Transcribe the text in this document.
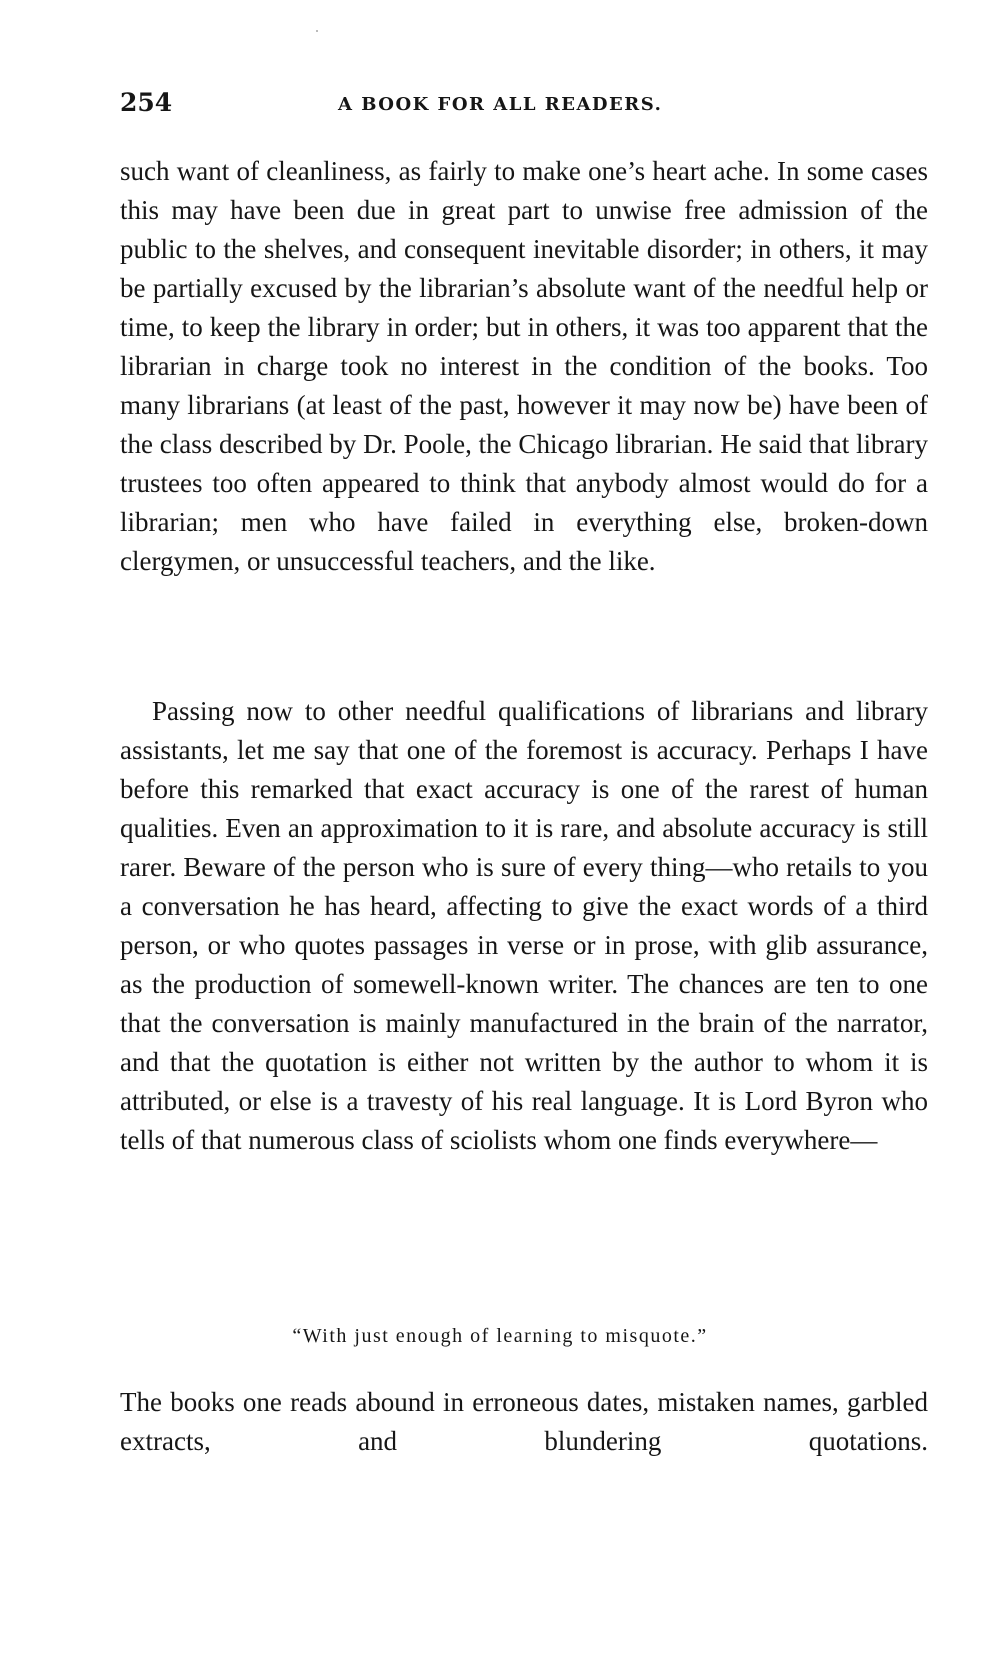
254	A BOOK FOR ALL READERS.

such want of cleanliness, as fairly to make one’s heart ache. In some cases this may have been due in great part to unwise free admission of the public to the shelves, and consequent inevitable disorder; in others, it may be partially excused by the librarian’s absolute want of the needful help or time, to keep the library in order; but in others, it was too apparent that the librarian in charge took no interest in the condition of the books. Too many librarians (at least of the past, however it may now be) have been of the class described by Dr. Poole, the Chicago librarian. He said that library trustees too often appeared to think that anybody almost would do for a librarian; men who have failed in everything else, broken-down clergymen, or unsuccessful teachers, and the like.

Passing now to other needful qualifications of librarians and library assistants, let me say that one of the foremost is accuracy. Perhaps I have before this remarked that exact accuracy is one of the rarest of human qualities. Even an approximation to it is rare, and absolute accuracy is still rarer. Beware of the person who is sure of every thing—who retails to you a conversation he has heard, affecting to give the exact words of a third person, or who quotes passages in verse or in prose, with glib assurance, as the production of somewell-known writer. The chances are ten to one that the conversation is mainly manufactured in the brain of the narrator, and that the quotation is either not written by the author to whom it is attributed, or else is a travesty of his real language. It is Lord Byron who tells of that numerous class of sciolists whom one finds everywhere—

“With just enough of learning to misquote.”

The books one reads abound in erroneous dates, mistaken names, garbled extracts, and blundering quotations.
